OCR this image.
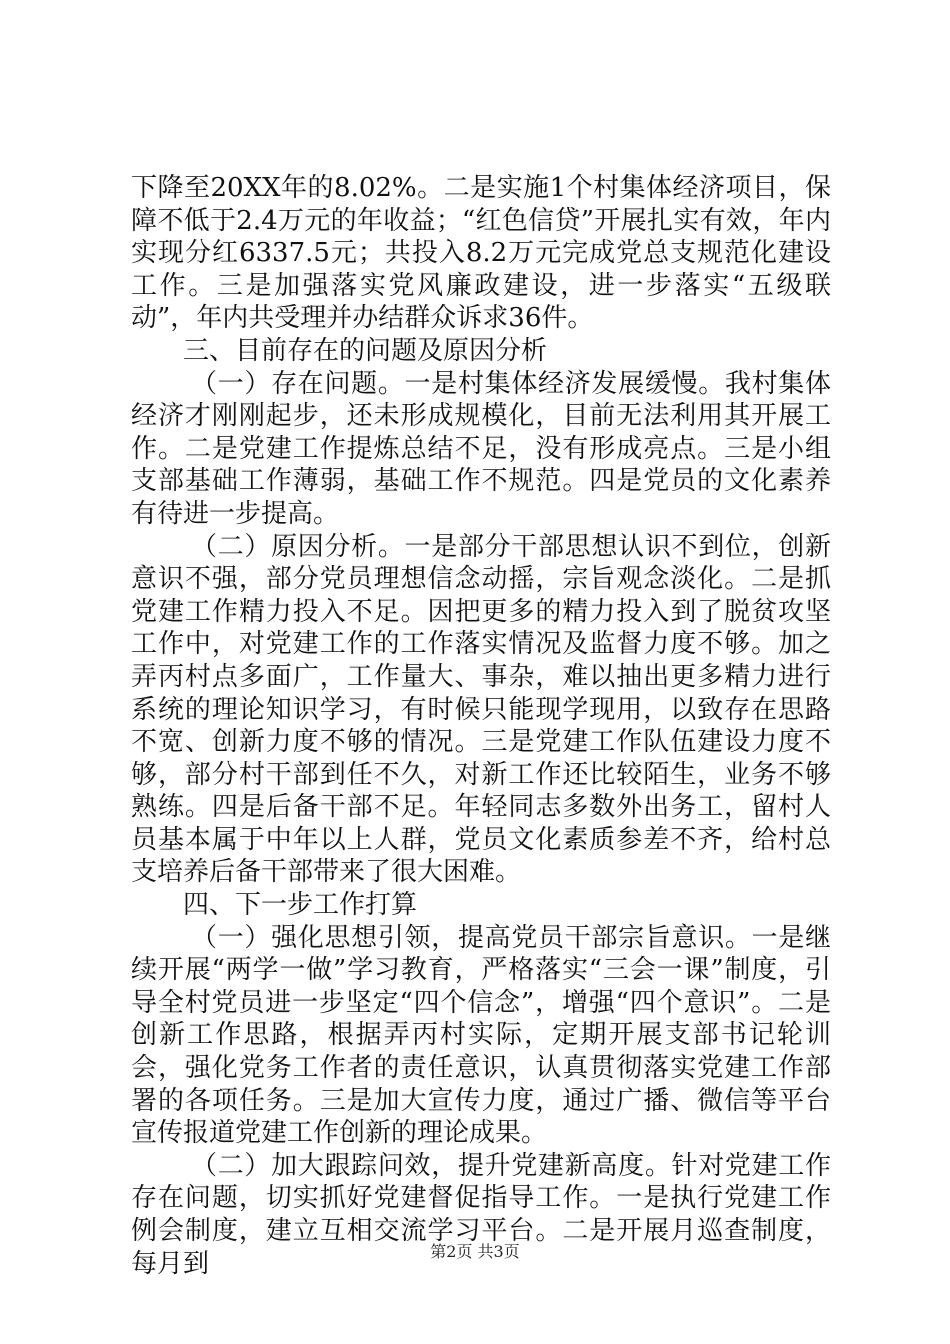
下降至20XX年的8.02%。二是实施1个村集体经济项目，保障不低于2.4万元的年收益；“红色信贷”开展扎实有效，年内实现分红6337.5元；共投入8.2万元完成党总支规范化建设工作。三是加强落实党风廉政建设，进一步落实“五级联动”，年内共受理并办结群众诉求36件。

三、目前存在的问题及原因分析

（一）存在问题。一是村集体经济发展缓慢。我村集体经济才刚刚起步，还未形成规模化，目前无法利用其开展工作。二是党建工作提炼总结不足，没有形成亮点。三是小组支部基础工作薄弱，基础工作不规范。四是党员的文化素养有待进一步提高。

（二）原因分析。一是部分干部思想认识不到位，创新意识不强，部分党员理想信念动摇，宗旨观念淡化。二是抓党建工作精力投入不足。因把更多的精力投入到了脱贫攻坚工作中，对党建工作的工作落实情况及监督力度不够。加之弄丙村点多面广，工作量大、事杂，难以抽出更多精力进行系统的理论知识学习，有时候只能现学现用，以致存在思路不宽、创新力度不够的情况。三是党建工作队伍建设力度不够，部分村干部到任不久，对新工作还比较陌生，业务不够熟练。四是后备干部不足。年轻同志多数外出务工，留村人员基本属于中年以上人群，党员文化素质参差不齐，给村总支培养后备干部带来了很大困难。

四、下一步工作打算

（一）强化思想引领，提高党员干部宗旨意识。一是继续开展“两学一做”学习教育，严格落实“三会一课”制度，引导全村党员进一步坚定“四个信念”，增强“四个意识”。二是创新工作思路，根据弄丙村实际，定期开展支部书记轮训会，强化党务工作者的责任意识，认真贯彻落实党建工作部署的各项任务。三是加大宣传力度，通过广播、微信等平台宣传报道党建工作创新的理论成果。

（二）加大跟踪问效，提升党建新高度。针对党建工作存在问题，切实抓好党建督促指导工作。一是执行党建工作例会制度，建立互相交流学习平台。二是开展月巡查制度，每月到	第2页 共3页
